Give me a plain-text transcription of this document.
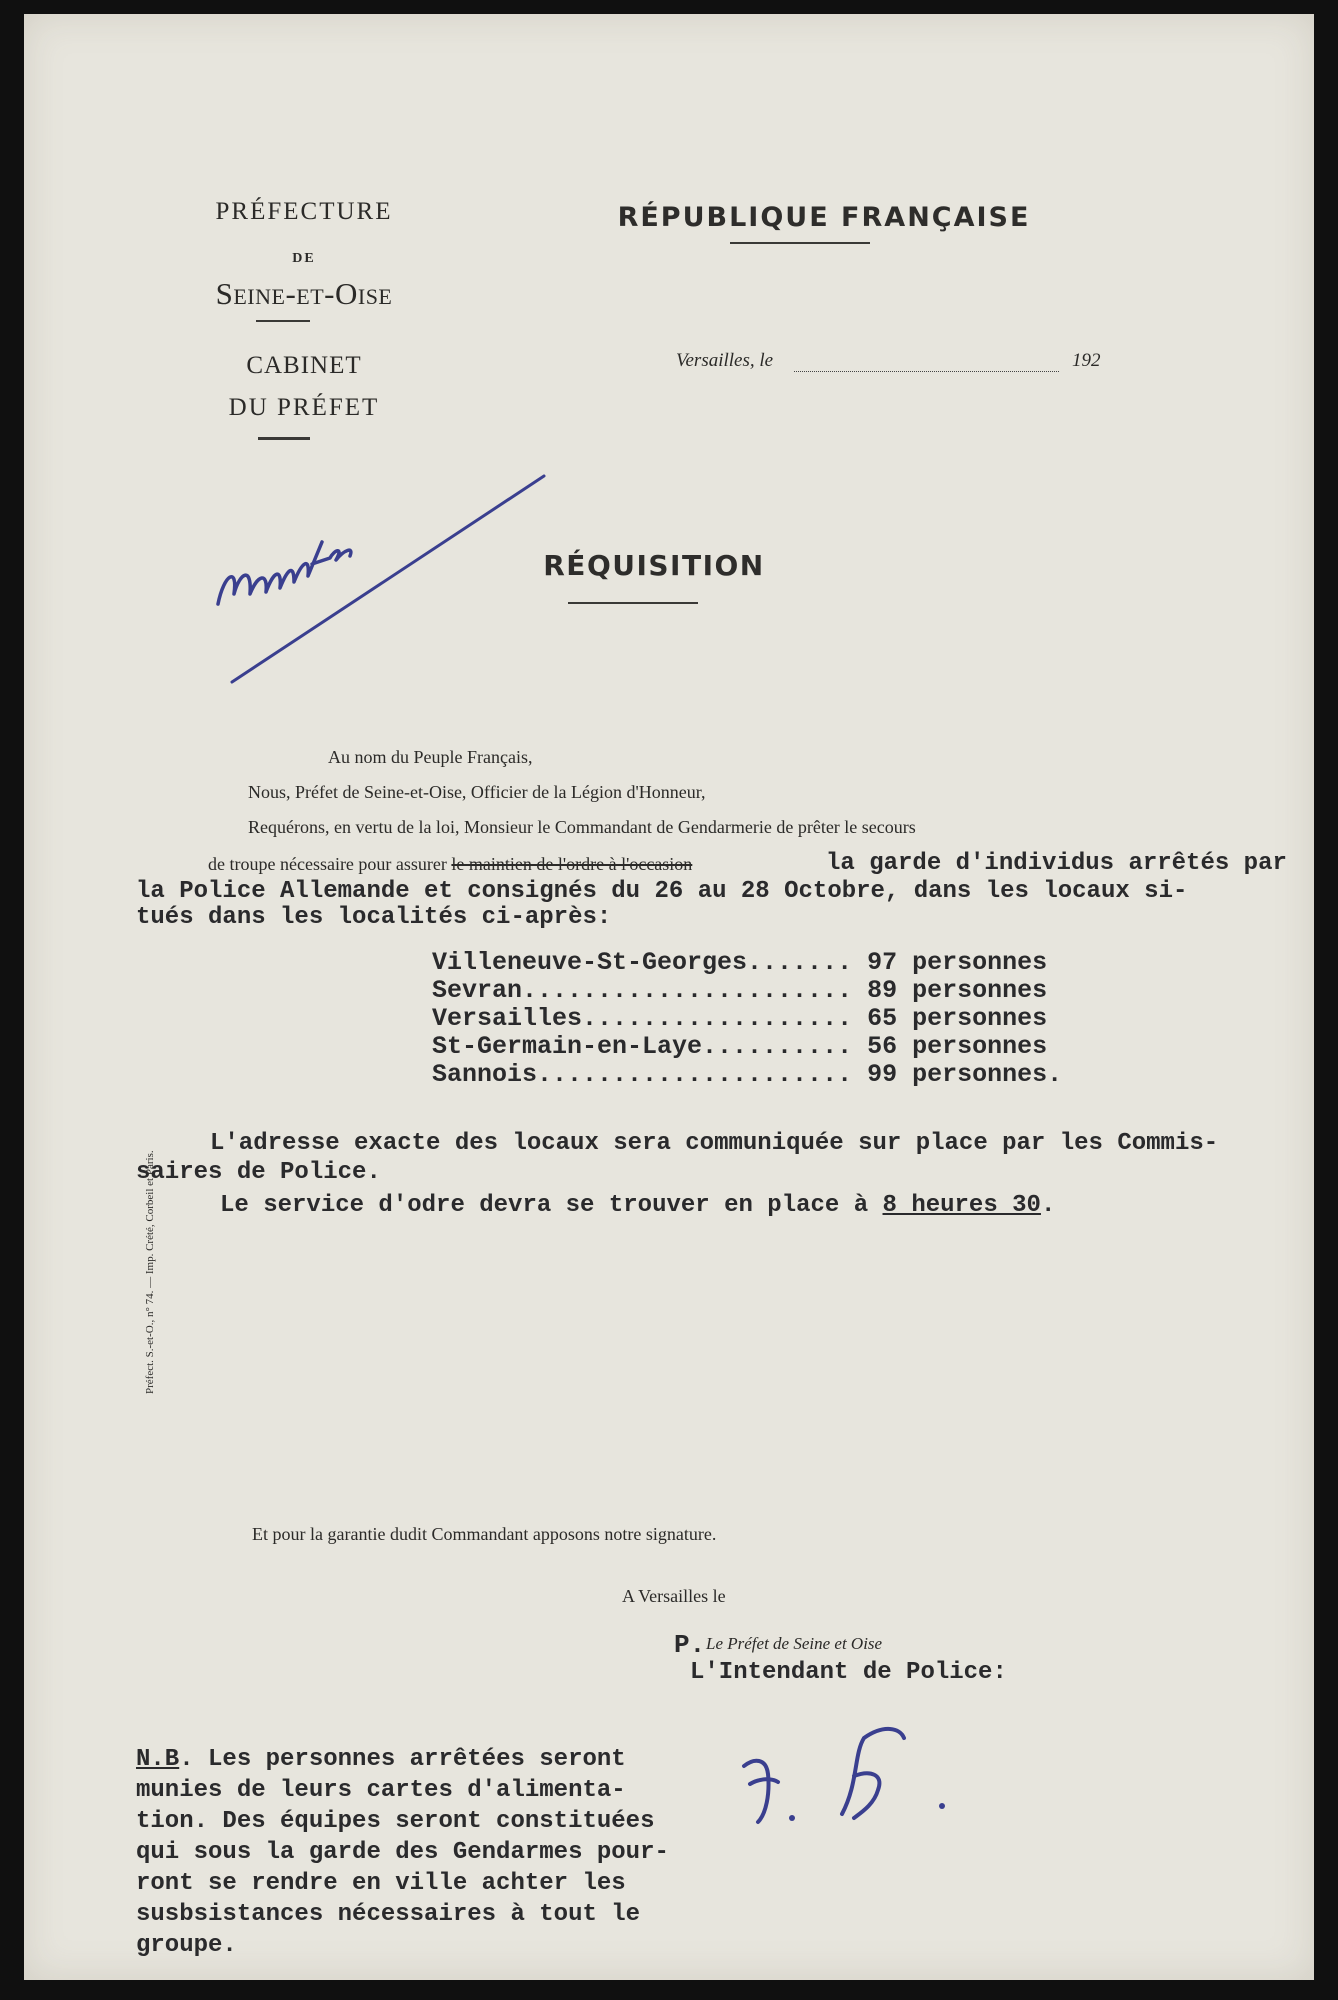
PRÉFECTURE
DE
Seine-et-Oise
CABINET
DU PRÉFET
RÉPUBLIQUE FRANÇAISE
Versailles, le	192
RÉQUISITION
Au nom du Peuple Français,
Nous, Préfet de Seine-et-Oise, Officier de la Légion d'Honneur,
Requérons, en vertu de la loi, Monsieur le Commandant de Gendarmerie de prêter le secours
de troupe nécessaire pour assurer le maintien de l'ordre à l'occasion	la garde d'individus arrêtés par
la Police Allemande et consignés du 26 au 28 Octobre, dans les locaux si-
tués dans les localités ci-après:
Villeneuve-St-Georges....... 97 personnes
Sevran...................... 89 personnes
Versailles.................. 65 personnes
St-Germain-en-Laye.......... 56 personnes
Sannois..................... 99 personnes.
L'adresse exacte des locaux sera communiquée sur place par les Commis-
saires de Police.
Le service d'odre devra se trouver en place à 8 heures 30.
Préfect. S.-et-O., n° 74. — Imp. Crété, Corbeil et Paris.
Et pour la garantie dudit Commandant apposons notre signature.
A Versailles le
P. Le Préfet de Seine et Oise
L'Intendant de Police:
N.B. Les personnes arrêtées seront
munies de leurs cartes d'alimenta-
tion. Des équipes seront constituées
qui sous la garde des Gendarmes pour-
ront se rendre en ville achter les
susbsistances nécessaires à tout le
groupe.
